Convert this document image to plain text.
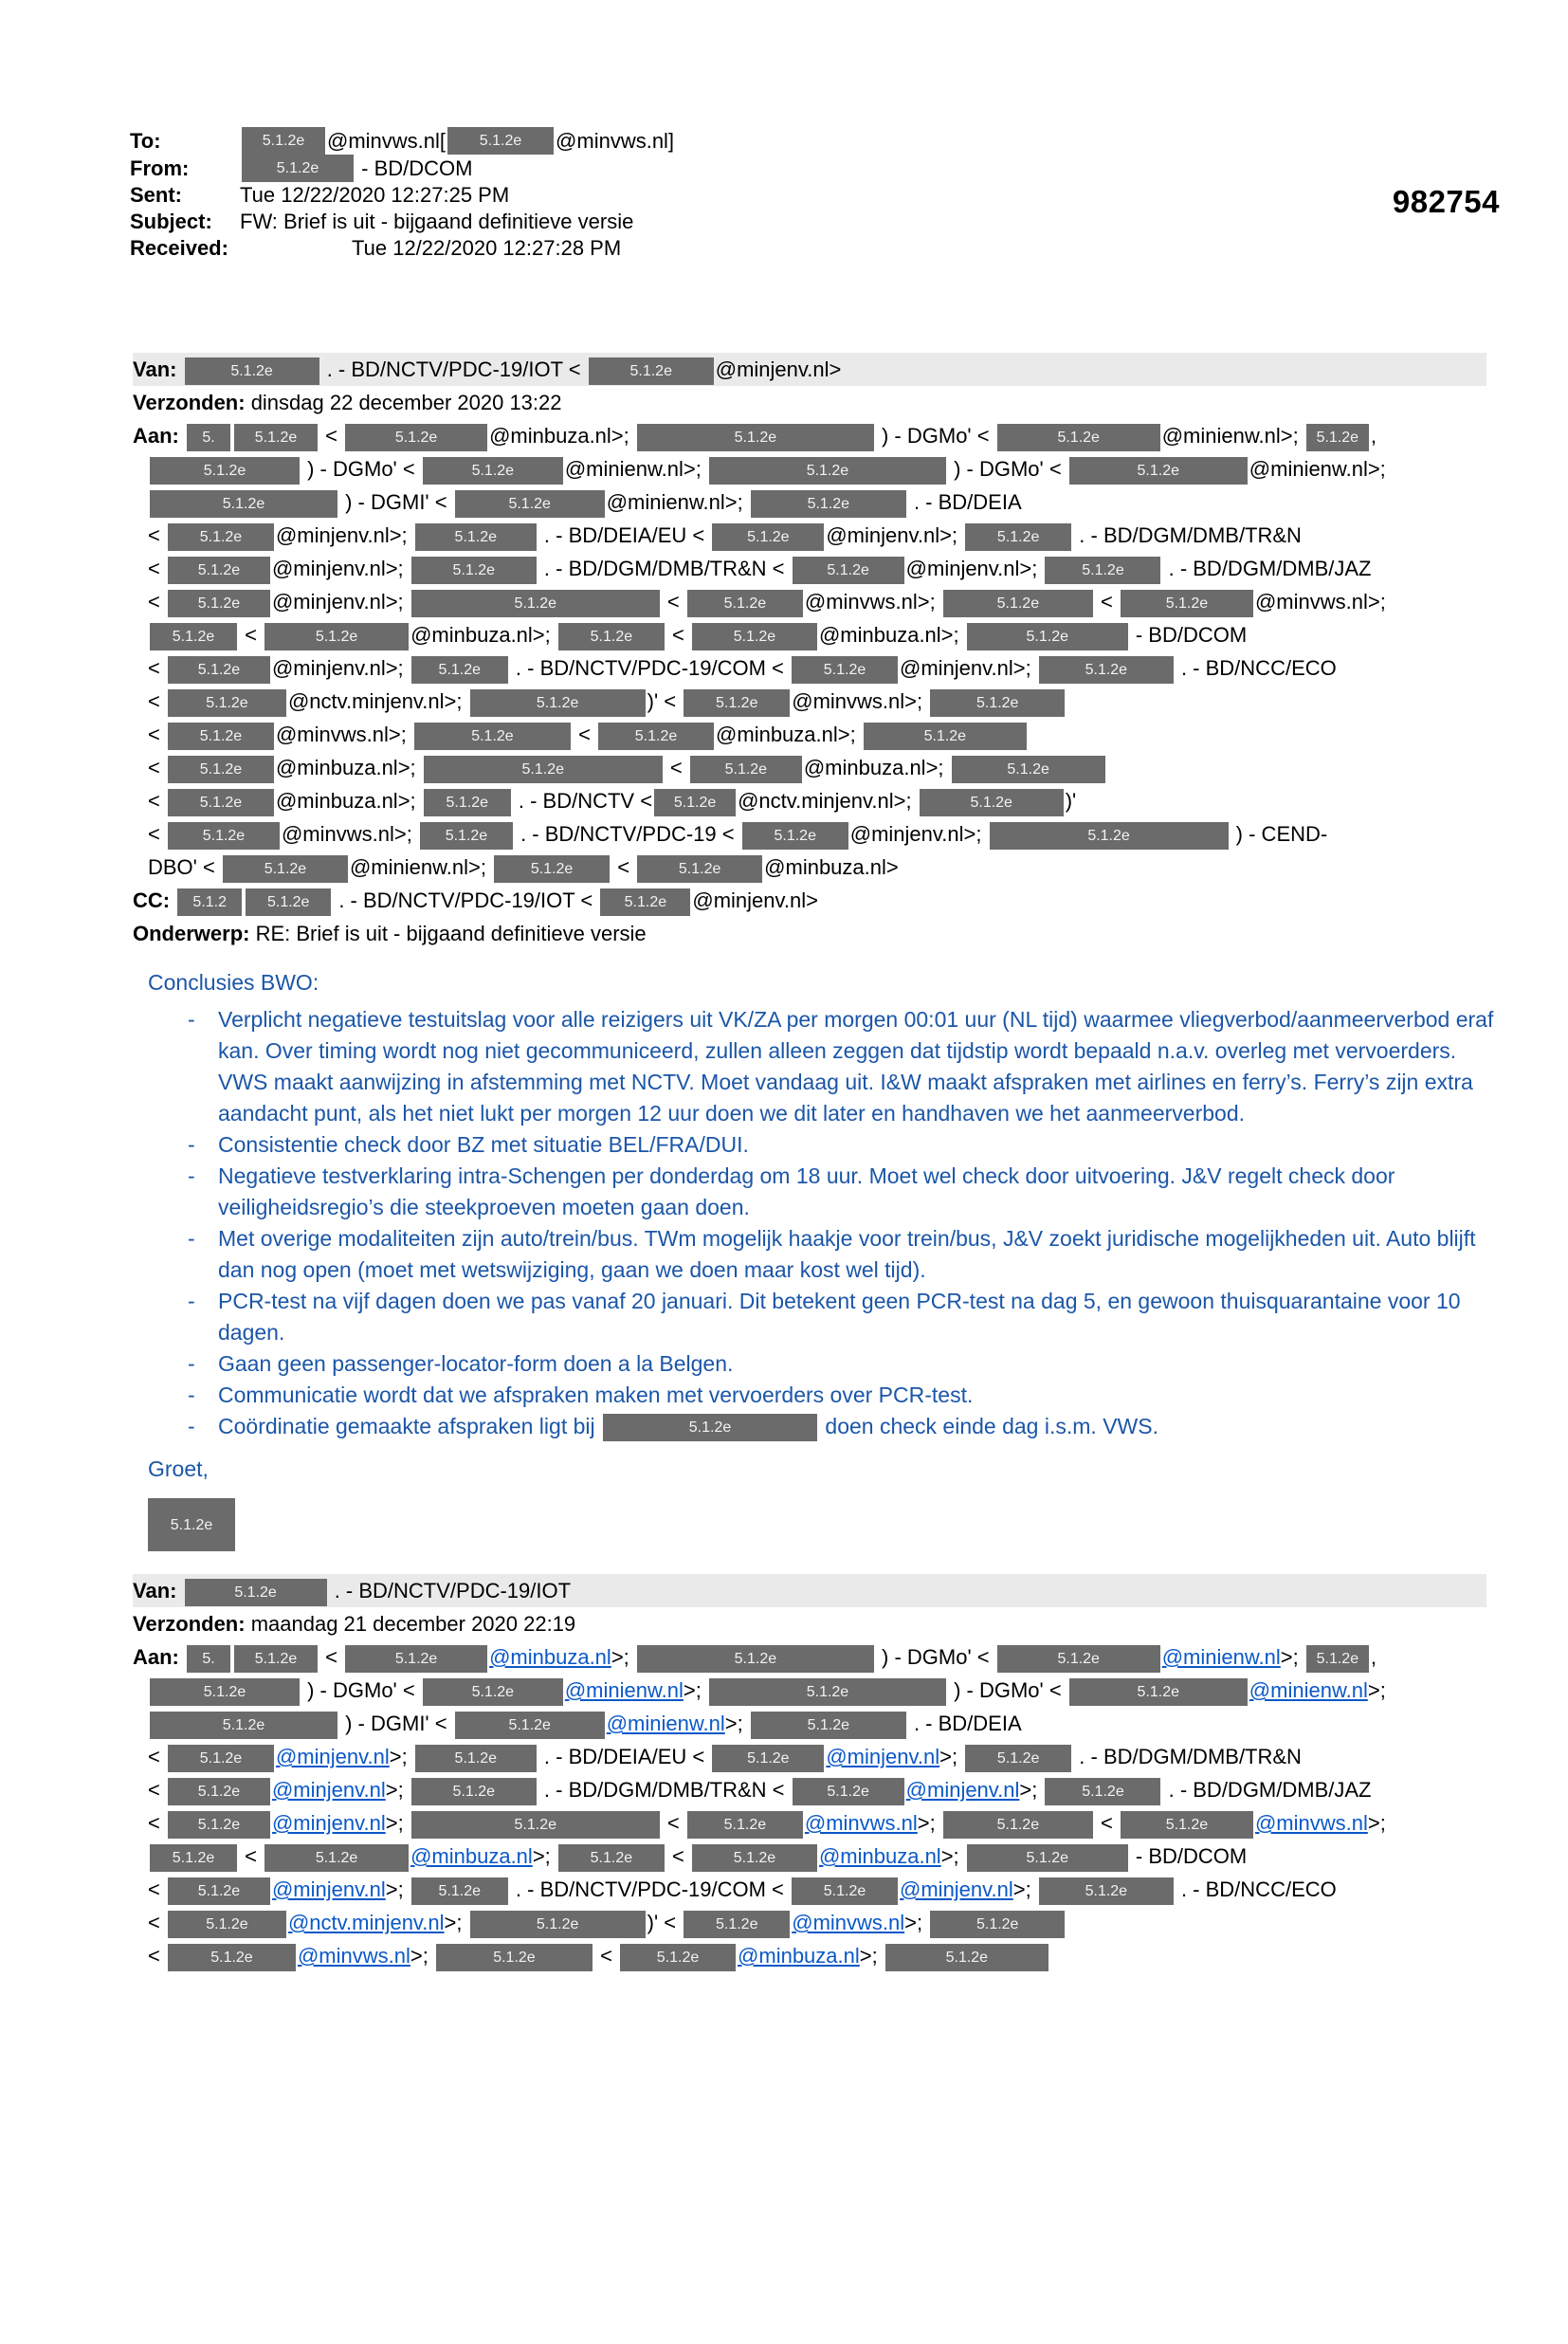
982754
To:	5.1.2e	@minvws.nl[	5.1.2e	@minvws.nl]
From:	5.1.2e	- BD/DCOM
Sent:	Tue 12/22/2020 12:27:25 PM
Subject:	FW: Brief is uit - bijgaand definitieve versie
Received:	Tue 12/22/2020 12:27:28 PM
Van:	5.1.2e . - BD/NCTV/PDC-19/IOT <	5.1.2e @minjenv.nl>
Verzonden: dinsdag 22 december 2020 13:22
Aan: 5.	5.1.2e <	5.1.2e @minbuza.nl>;	5.1.2e	) - DGMo' <	5.1.2e	@minienw.nl>; 5.1.2e ,
5.1.2e	) - DGMo' <	5.1.2e @minienw.nl>;	5.1.2e	) - DGMo' <	5.1.2e	@minienw.nl>;
5.1.2e	) - DGMI' <	5.1.2e	@minienw.nl>;	5.1.2e	. - BD/DEIA
< 5.1.2e @minjenv.nl>;	5.1.2e . - BD/DEIA/EU < 5.1.2e @minjenv.nl>; 5.1.2e . - BD/DGM/DMB/TR&N
< 5.1.2e @minjenv.nl>;	5.1.2e . - BD/DGM/DMB/TR&N < 5.1.2e @minjenv.nl>;	5.1.2e . - BD/DGM/DMB/JAZ
< 5.1.2e @minjenv.nl>;	5.1.2e	<	5.1.2e @minvws.nl>;	5.1.2e	<	5.1.2e @minvws.nl>;
5.1.2e <	5.1.2e	@minbuza.nl>; 5.1.2e <	5.1.2e @minbuza.nl>;	5.1.2e	- BD/DCOM
< 5.1.2e @minjenv.nl>; 5.1.2e . - BD/NCTV/PDC-19/COM < 5.1.2e @minjenv.nl>;	5.1.2e . - BD/NCC/ECO
<	5.1.2e @nctv.minjenv.nl>;	5.1.2e	)' < 5.1.2e @minvws.nl>;	5.1.2e
< 5.1.2e @minvws.nl>;	5.1.2e	<	5.1.2e @minbuza.nl>;	5.1.2e
< 5.1.2e @minbuza.nl>;	5.1.2e	< 5.1.2e @minbuza.nl>;	5.1.2e
< 5.1.2e @minbuza.nl>; 5.1.2e . - BD/NCTV < 5.1.2e @nctv.minjenv.nl>;	5.1.2e	)'
< 5.1.2e @minvws.nl>; 5.1.2e . - BD/NCTV/PDC-19 < 5.1.2e @minjenv.nl>;	5.1.2e	) - CEND-
DBO' <	5.1.2e @minienw.nl>;	5.1.2e <	5.1.2e @minbuza.nl>
CC: 5.1.2	5.1.2e . - BD/NCTV/PDC-19/IOT < 5.1.2e @minjenv.nl>
Onderwerp: RE: Brief is uit - bijgaand definitieve versie
Conclusies BWO:
- Verplicht negatieve testuitslag voor alle reizigers uit VK/ZA per morgen 00:01 uur (NL tijd) waarmee vliegverbod/aanmeerverbod eraf kan. Over timing wordt nog niet gecommuniceerd, zullen alleen zeggen dat tijdstip wordt bepaald n.a.v. overleg met vervoerders. VWS maakt aanwijzing in afstemming met NCTV. Moet vandaag uit. I&W maakt afspraken met airlines en ferry’s. Ferry’s zijn extra aandacht punt, als het niet lukt per morgen 12 uur doen we dit later en handhaven we het aanmeerverbod.
- Consistentie check door BZ met situatie BEL/FRA/DUI.
- Negatieve testverklaring intra-Schengen per donderdag om 18 uur. Moet wel check door uitvoering. J&V regelt check door veiligheidsregio’s die steekproeven moeten gaan doen.
- Met overige modaliteiten zijn auto/trein/bus. TWm mogelijk haakje voor trein/bus, J&V zoekt juridische mogelijkheden uit. Auto blijft dan nog open (moet met wetswijziging, gaan we doen maar kost wel tijd).
- PCR-test na vijf dagen doen we pas vanaf 20 januari. Dit betekent geen PCR-test na dag 5, en gewoon thuisquarantaine voor 10 dagen.
- Gaan geen passenger-locator-form doen a la Belgen.
- Communicatie wordt dat we afspraken maken met vervoerders over PCR-test.
- Coördinatie gemaakte afspraken ligt bij	5.1.2e	doen check einde dag i.s.m. VWS.
Groet,
5.1.2e
Van:	5.1.2e . - BD/NCTV/PDC-19/IOT
Verzonden: maandag 21 december 2020 22:19
Aan: 5.	5.1.2e <	5.1.2e @minbuza.nl>;	5.1.2e	) - DGMo' <	5.1.2e	@minienw.nl>; 5.1.2e ,
5.1.2e	) - DGMo' <	5.1.2e @minienw.nl>;	5.1.2e	) - DGMo' <	5.1.2e	@minienw.nl>;
5.1.2e	) - DGMI' <	5.1.2e	@minienw.nl>;	5.1.2e	. - BD/DEIA
< 5.1.2e @minjenv.nl>;	5.1.2e . - BD/DEIA/EU < 5.1.2e @minjenv.nl>; 5.1.2e . - BD/DGM/DMB/TR&N
< 5.1.2e @minjenv.nl>;	5.1.2e . - BD/DGM/DMB/TR&N < 5.1.2e @minjenv.nl>;	5.1.2e . - BD/DGM/DMB/JAZ
< 5.1.2e @minjenv.nl>;	5.1.2e	<	5.1.2e @minvws.nl>;	5.1.2e	<	5.1.2e @minvws.nl>;
5.1.2e <	5.1.2e	@minbuza.nl>; 5.1.2e <	5.1.2e @minbuza.nl>;	5.1.2e	- BD/DCOM
< 5.1.2e @minjenv.nl>; 5.1.2e . - BD/NCTV/PDC-19/COM < 5.1.2e @minjenv.nl>;	5.1.2e . - BD/NCC/ECO
<	5.1.2e @nctv.minjenv.nl>;	5.1.2e	)' < 5.1.2e @minvws.nl>;	5.1.2e
<	5.1.2e @minvws.nl>;	5.1.2e	<	5.1.2e @minbuza.nl>;	5.1.2e
